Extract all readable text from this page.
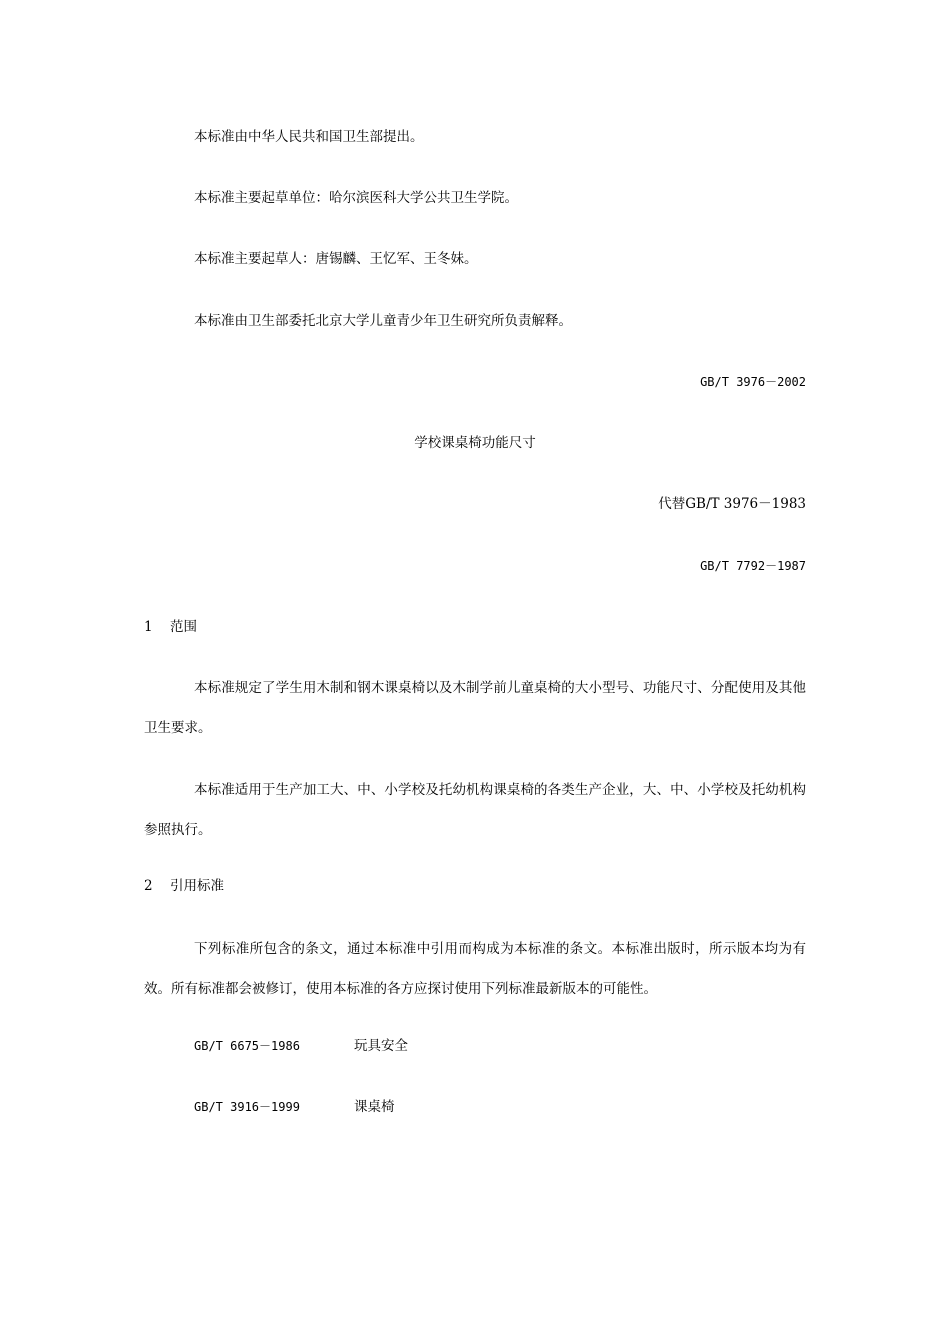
本标准由中华人民共和国卫生部提出。
本标准主要起草单位：哈尔滨医科大学公共卫生学院。
本标准主要起草人：唐锡麟、王忆军、王冬妹。
本标准由卫生部委托北京大学儿童青少年卫生研究所负责解释。
GB/T 3976－2002
学校课桌椅功能尺寸
代替GB/T 3976－1983
GB/T 7792－1987
1 范围
本标准规定了学生用木制和钢木课桌椅以及木制学前儿童桌椅的大小型号、功能尺寸、分配使用及其他卫生要求。
本标准适用于生产加工大、中、小学校及托幼机构课桌椅的各类生产企业，大、中、小学校及托幼机构参照执行。
2 引用标准
下列标准所包含的条文，通过本标准中引用而构成为本标准的条文。本标准出版时，所示版本均为有效。所有标准都会被修订，使用本标准的各方应探讨使用下列标准最新版本的可能性。
GB/T 6675－1986	玩具安全
GB/T 3916－1999	课桌椅
